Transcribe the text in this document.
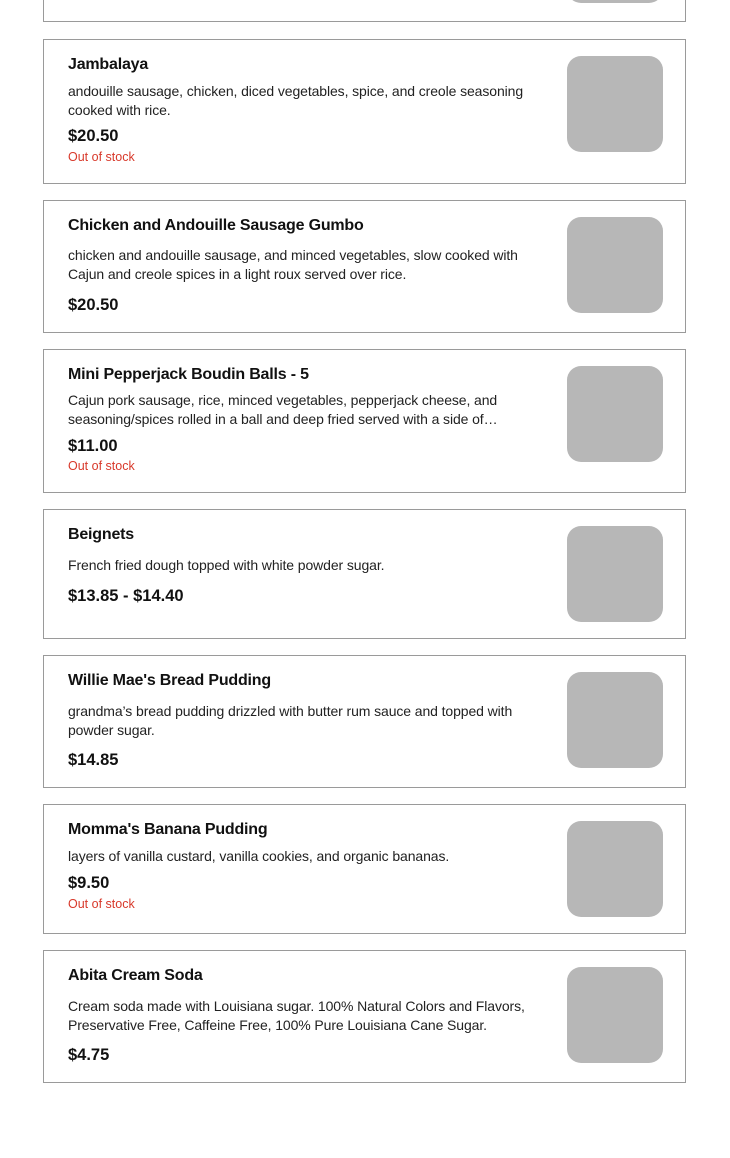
Jambalaya
andouille sausage, chicken, diced vegetables, spice, and creole seasoning cooked with rice.
$20.50
Out of stock
Chicken and Andouille Sausage Gumbo
chicken and andouille sausage, and minced vegetables, slow cooked with Cajun and creole spices in a light roux served over rice.
$20.50
Mini Pepperjack Boudin Balls - 5
Cajun pork sausage, rice, minced vegetables, pepperjack cheese, and seasoning/spices rolled in a ball and deep fried served with a side of…
$11.00
Out of stock
Beignets
French fried dough topped with white powder sugar.
$13.85 - $14.40
Willie Mae's Bread Pudding
grandma’s bread pudding drizzled with butter rum sauce and topped with powder sugar.
$14.85
Momma's Banana Pudding
layers of vanilla custard, vanilla cookies, and organic bananas.
$9.50
Out of stock
Abita Cream Soda
Cream soda made with Louisiana sugar. 100% Natural Colors and Flavors, Preservative Free, Caffeine Free, 100% Pure Louisiana Cane Sugar.
$4.75
